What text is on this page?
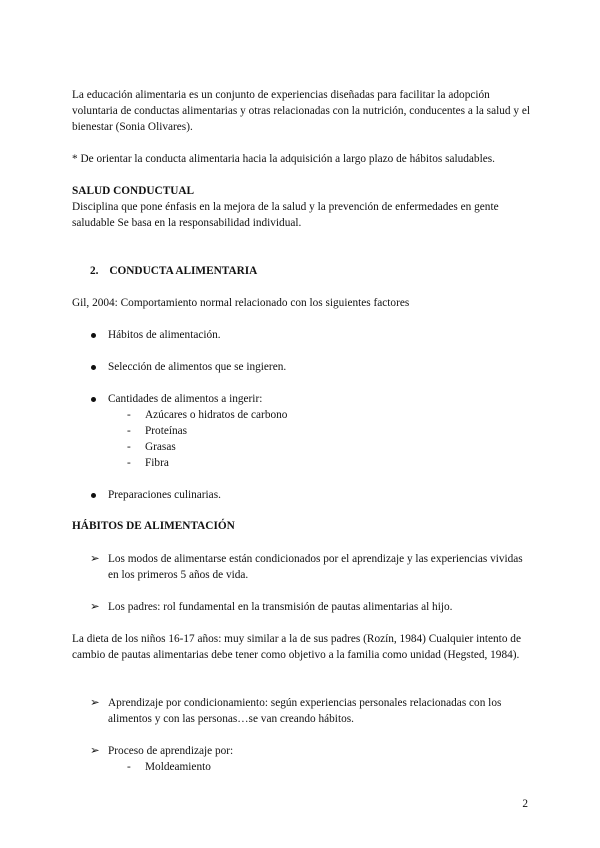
La educación alimentaria es un conjunto de experiencias diseñadas para facilitar la adopción voluntaria de conductas alimentarias y otras relacionadas con la nutrición, conducentes a la salud y el bienestar (Sonia Olivares).

* De orientar la conducta alimentaria hacia la adquisición a largo plazo de hábitos saludables.

SALUD CONDUCTUAL

Disciplina que pone énfasis en la mejora de la salud y la prevención de enfermedades en gente saludable Se basa en la responsabilidad individual.

2. CONDUCTA ALIMENTARIA

Gil, 2004: Comportamiento normal relacionado con los siguientes factores

Hábitos de alimentación.
Selección de alimentos que se ingieren.
Cantidades de alimentos a ingerir:
- Azúcares o hidratos de carbono
- Proteínas
- Grasas
- Fibra
Preparaciones culinarias.

HÁBITOS DE ALIMENTACIÓN

➢ Los modos de alimentarse están condicionados por el aprendizaje y las experiencias vividas en los primeros 5 años de vida.
➢ Los padres: rol fundamental en la transmisión de pautas alimentarias al hijo.

La dieta de los niños 16-17 años: muy similar a la de sus padres (Rozín, 1984) Cualquier intento de cambio de pautas alimentarias debe tener como objetivo a la familia como unidad (Hegsted, 1984).

➢ Aprendizaje por condicionamiento: según experiencias personales relacionadas con los alimentos y con las personas…se van creando hábitos.
➢ Proceso de aprendizaje por:
- Moldeamiento
2
